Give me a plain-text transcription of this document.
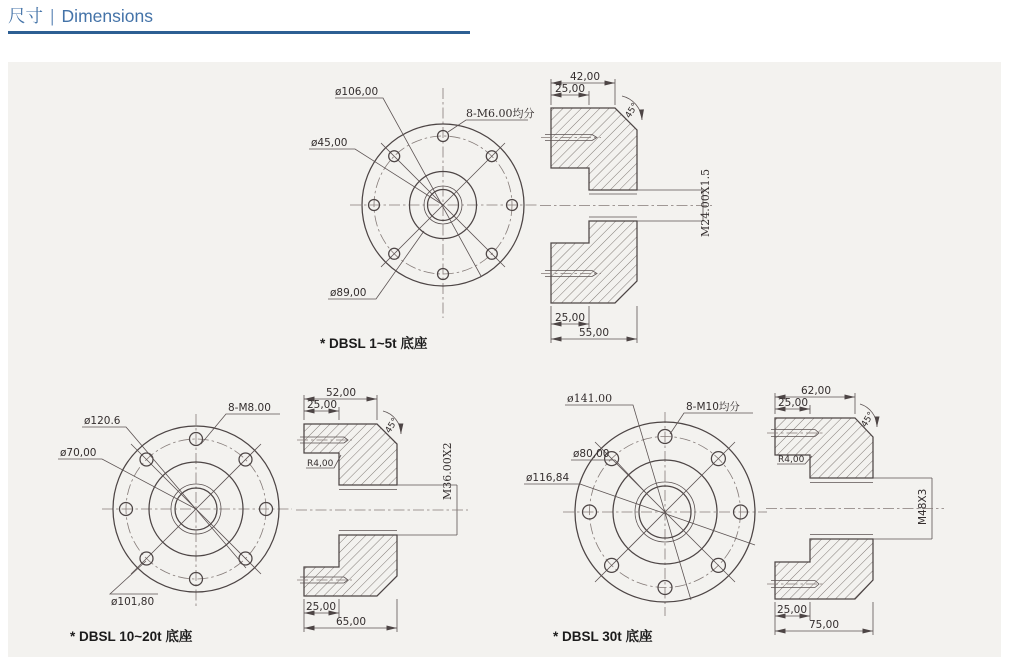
尺寸 | Dimensions
ø106,00
ø45,00
8-M6.00均分
ø89,00
42,00
25,00
25,00
55,00
45°
M24.00X1.5
* DBSL 1~5t 底座
ø120.6
ø70,00
8-M8.00
ø101,80
52,00
25,00
R4,00
25,00
65,00
45°
M36.00X2
* DBSL 10~20t 底座
ø141.00
8-M10均分
ø80,00
ø116,84
62,00
25,00
R4,00
25,00
75,00
45°
M48X3
* DBSL 30t 底座
